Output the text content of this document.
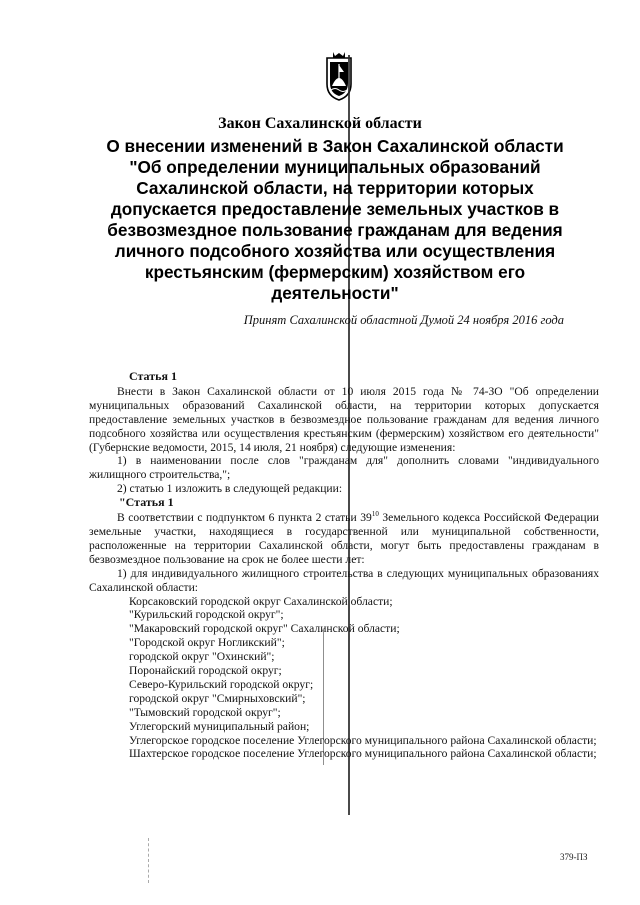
Закон Сахалинской области
О внесении изменений в Закон Сахалинской области "Об определении муниципальных образований Сахалинской области, на территории которых допускается предоставление земельных участков в безвозмездное пользование гражданам для ведения личного подсобного хозяйства или осуществления крестьянским (фермерским) хозяйством его деятельности"
Принят Сахалинской областной Думой 24 ноября 2016 года

Статья 1

Внести в Закон Сахалинской области от 10 июля 2015 года № 74-ЗО "Об определении муниципальных образований Сахалинской области, на территории которых допускается предоставление земельных участков в безвозмездное пользование гражданам для ведения личного подсобного хозяйства или осуществления крестьянским (фермерским) хозяйством его деятельности" (Губернские ведомости, 2015, 14 июля, 21 ноября) следующие изменения:

1) в наименовании после слов "гражданам для" дополнить словами "индивидуального жилищного строительства,";

2) статью 1 изложить в следующей редакции:

"Статья 1

В соответствии с подпунктом 6 пункта 2 статьи $39^{10}$ Земельного кодекса Российской Федерации земельные участки, находящиеся в государственной или муниципальной собственности, расположенные на территории Сахалинской области, могут быть предоставлены гражданам в безвозмездное пользование на срок не более шести лет:

1) для индивидуального жилищного строительства в следующих муниципальных образованиях Сахалинской области:

Корсаковский городской округ Сахалинской области;

"Курильский городской округ";

"Макаровский городской округ" Сахалинской области;

"Городской округ Ногликский";

городской округ "Охинский";

Поронайский городской округ;

Северо-Курильский городской округ;

городской округ "Смирныховский";

"Тымовский городской округ";

Углегорский муниципальный район;

Углегорское городское поселение Углегорского муниципального района Сахалинской области;

Шахтерское городское поселение Углегорского муниципального района Сахалинской области;

379-ПЗ
